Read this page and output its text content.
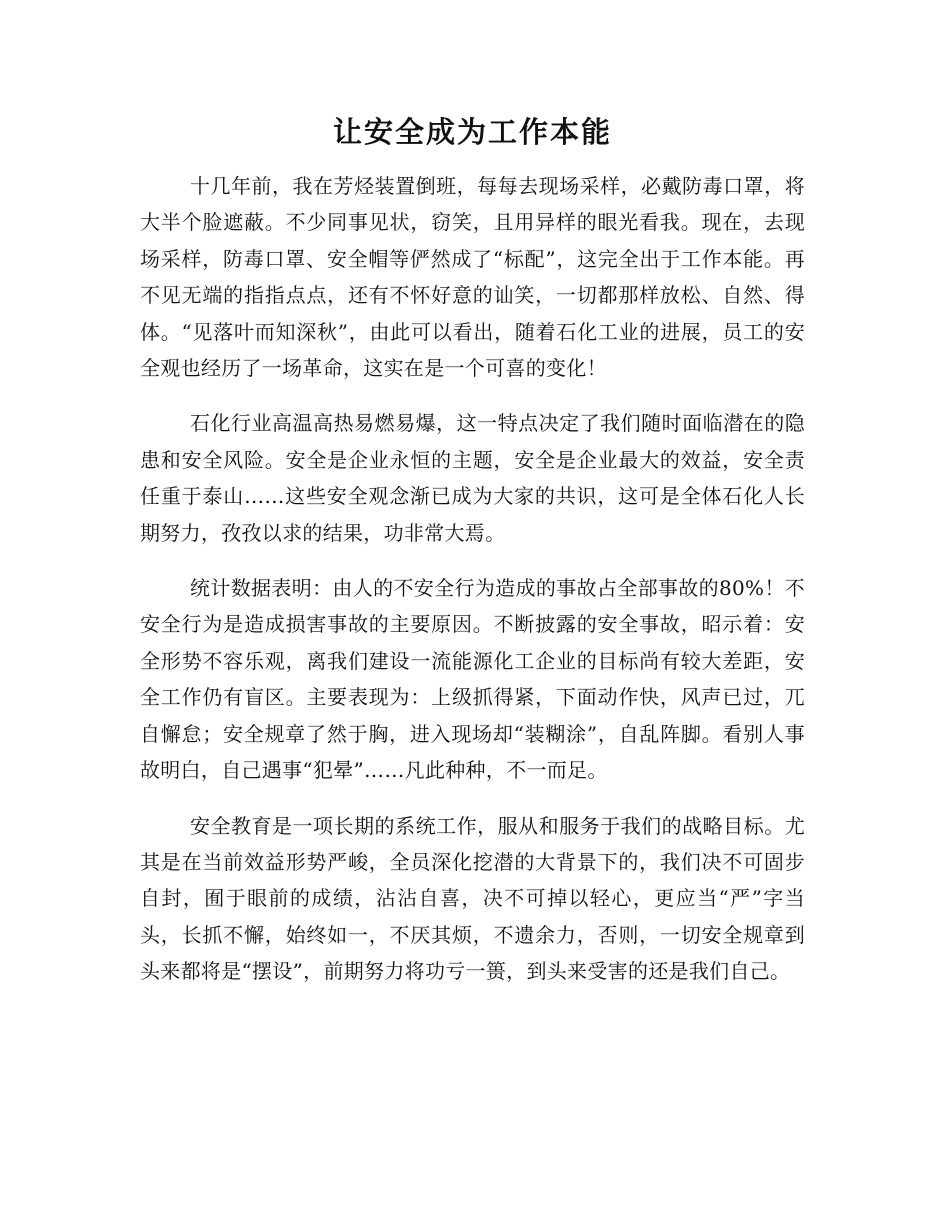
让安全成为工作本能

十几年前，我在芳烃装置倒班，每每去现场采样，必戴防毒口罩，将大半个脸遮蔽。不少同事见状，窃笑，且用异样的眼光看我。现在，去现场采样，防毒口罩、安全帽等俨然成了“标配”，这完全出于工作本能。再不见无端的指指点点，还有不怀好意的讪笑，一切都那样放松、自然、得体。“见落叶而知深秋”，由此可以看出，随着石化工业的进展，员工的安全观也经历了一场革命，这实在是一个可喜的变化！

石化行业高温高热易燃易爆，这一特点决定了我们随时面临潜在的隐患和安全风险。安全是企业永恒的主题，安全是企业最大的效益，安全责任重于泰山……这些安全观念渐已成为大家的共识，这可是全体石化人长期努力，孜孜以求的结果，功非常大焉。

统计数据表明：由人的不安全行为造成的事故占全部事故的80%！不安全行为是造成损害事故的主要原因。不断披露的安全事故，昭示着：安全形势不容乐观，离我们建设一流能源化工企业的目标尚有较大差距，安全工作仍有盲区。主要表现为：上级抓得紧，下面动作快，风声已过，兀自懈怠；安全规章了然于胸，进入现场却“装糊涂”，自乱阵脚。看别人事故明白，自己遇事“犯晕”……凡此种种，不一而足。

安全教育是一项长期的系统工作，服从和服务于我们的战略目标。尤其是在当前效益形势严峻，全员深化挖潜的大背景下的，我们决不可固步自封，囿于眼前的成绩，沾沾自喜，决不可掉以轻心，更应当“严”字当头，长抓不懈，始终如一，不厌其烦，不遗余力，否则，一切安全规章到头来都将是“摆设”，前期努力将功亏一篑，到头来受害的还是我们自己。
